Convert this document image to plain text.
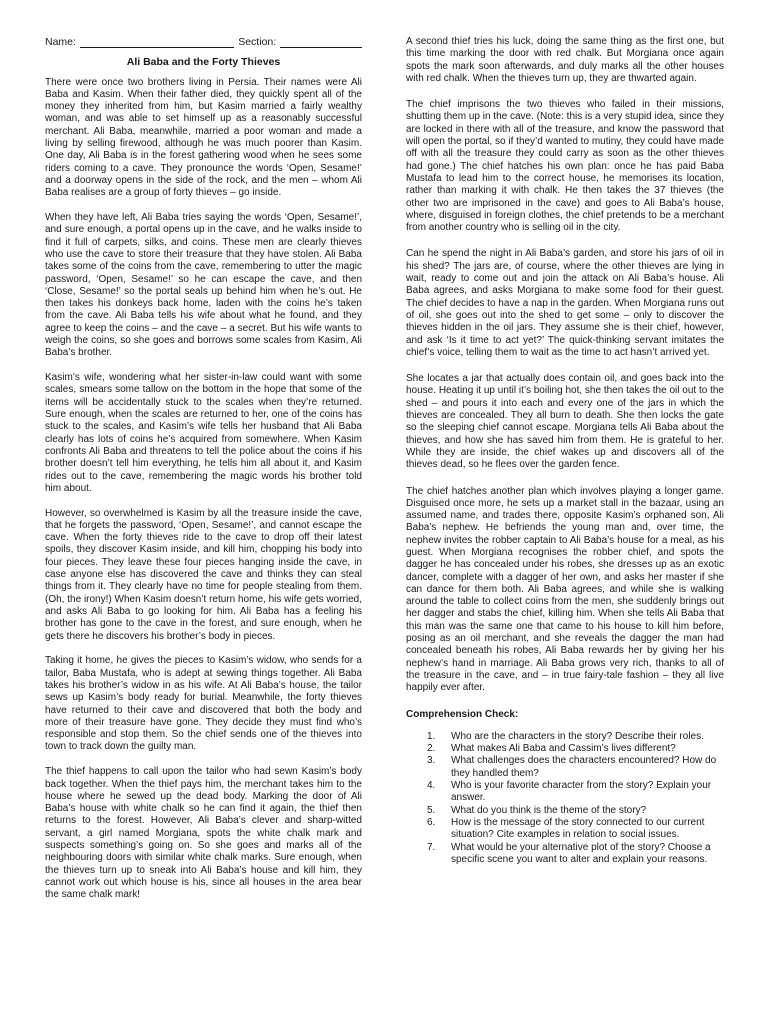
Name:	Section:
Ali Baba and the Forty Thieves

There were once two brothers living in Persia. Their names were Ali Baba and Kasim. When their father died, they quickly spent all of the money they inherited from him, but Kasim married a fairly wealthy woman, and was able to set himself up as a reasonably successful merchant. Ali Baba, meanwhile, married a poor woman and made a living by selling firewood, although he was much poorer than Kasim. One day, Ali Baba is in the forest gathering wood when he sees some riders coming to a cave. They pronounce the words ‘Open, Sesame!’ and a doorway opens in the side of the rock, and the men – whom Ali Baba realises are a group of forty thieves – go inside.

When they have left, Ali Baba tries saying the words ‘Open, Sesame!’, and sure enough, a portal opens up in the cave, and he walks inside to find it full of carpets, silks, and coins. These men are clearly thieves who use the cave to store their treasure that they have stolen. Ali Baba takes some of the coins from the cave, remembering to utter the magic password, ‘Open, Sesame!’ so he can escape the cave, and then ‘Close, Sesame!’ so the portal seals up behind him when he’s out. He then takes his donkeys back home, laden with the coins he’s taken from the cave. Ali Baba tells his wife about what he found, and they agree to keep the coins – and the cave – a secret. But his wife wants to weigh the coins, so she goes and borrows some scales from Kasim, Ali Baba’s brother.

Kasim’s wife, wondering what her sister-in-law could want with some scales, smears some tallow on the bottom in the hope that some of the items will be accidentally stuck to the scales when they’re returned. Sure enough, when the scales are returned to her, one of the coins has stuck to the scales, and Kasim’s wife tells her husband that Ali Baba clearly has lots of coins he’s acquired from somewhere. When Kasim confronts Ali Baba and threatens to tell the police about the coins if his brother doesn’t tell him everything, he tells him all about it, and Kasim rides out to the cave, remembering the magic words his brother told him about.

However, so overwhelmed is Kasim by all the treasure inside the cave, that he forgets the password, ‘Open, Sesame!’, and cannot escape the cave. When the forty thieves ride to the cave to drop off their latest spoils, they discover Kasim inside, and kill him, chopping his body into four pieces. They leave these four pieces hanging inside the cave, in case anyone else has discovered the cave and thinks they can steal things from it. They clearly have no time for people stealing from them. (Oh, the irony!) When Kasim doesn’t return home, his wife gets worried, and asks Ali Baba to go looking for him. Ali Baba has a feeling his brother has gone to the cave in the forest, and sure enough, when he gets there he discovers his brother’s body in pieces.

Taking it home, he gives the pieces to Kasim’s widow, who sends for a tailor, Baba Mustafa, who is adept at sewing things together. Ali Baba takes his brother’s widow in as his wife. At Ali Baba’s house, the tailor sews up Kasim’s body ready for burial. Meanwhile, the forty thieves have returned to their cave and discovered that both the body and more of their treasure have gone. They decide they must find who’s responsible and stop them. So the chief sends one of the thieves into town to track down the guilty man.

The thief happens to call upon the tailor who had sewn Kasim’s body back together. When the thief pays him, the merchant takes him to the house where he sewed up the dead body. Marking the door of Ali Baba’s house with white chalk so he can find it again, the thief then returns to the forest. However, Ali Baba’s clever and sharp-witted servant, a girl named Morgiana, spots the white chalk mark and suspects something’s going on. So she goes and marks all of the neighbouring doors with similar white chalk marks. Sure enough, when the thieves turn up to sneak into Ali Baba’s house and kill him, they cannot work out which house is his, since all houses in the area bear the same chalk mark!

A second thief tries his luck, doing the same thing as the first one, but this time marking the door with red chalk. But Morgiana once again spots the mark soon afterwards, and duly marks all the other houses with red chalk. When the thieves turn up, they are thwarted again.

The chief imprisons the two thieves who failed in their missions, shutting them up in the cave. (Note: this is a very stupid idea, since they are locked in there with all of the treasure, and know the password that will open the portal, so if they’d wanted to mutiny, they could have made off with all the treasure they could carry as soon as the other thieves had gone.) The chief hatches his own plan: once he has paid Baba Mustafa to lead him to the correct house, he memorises its location, rather than marking it with chalk. He then takes the 37 thieves (the other two are imprisoned in the cave) and goes to Ali Baba’s house, where, disguised in foreign clothes, the chief pretends to be a merchant from another country who is selling oil in the city.

Can he spend the night in Ali Baba’s garden, and store his jars of oil in his shed? The jars are, of course, where the other thieves are lying in wait, ready to come out and join the attack on Ali Baba’s house. Ali Baba agrees, and asks Morgiana to make some food for their guest. The chief decides to have a nap in the garden. When Morgiana runs out of oil, she goes out into the shed to get some – only to discover the thieves hidden in the oil jars. They assume she is their chief, however, and ask ‘Is it time to act yet?’ The quick-thinking servant imitates the chief’s voice, telling them to wait as the time to act hasn’t arrived yet.

She locates a jar that actually does contain oil, and goes back into the house. Heating it up until it’s boiling hot, she then takes the oil out to the shed – and pours it into each and every one of the jars in which the thieves are concealed. They all burn to death. She then locks the gate so the sleeping chief cannot escape. Morgiana tells Ali Baba about the thieves, and how she has saved him from them. He is grateful to her. While they are inside, the chief wakes up and discovers all of the thieves dead, so he flees over the garden fence.

The chief hatches another plan which involves playing a longer game. Disguised once more, he sets up a market stall in the bazaar, using an assumed name, and trades there, opposite Kasim’s orphaned son, Ali Baba’s nephew. He befriends the young man and, over time, the nephew invites the robber captain to Ali Baba’s house for a meal, as his guest. When Morgiana recognises the robber chief, and spots the dagger he has concealed under his robes, she dresses up as an exotic dancer, complete with a dagger of her own, and asks her master if she can dance for them both. Ali Baba agrees, and while she is walking around the table to collect coins from the men, she suddenly brings out her dagger and stabs the chief, killing him. When she tells Ali Baba that this man was the same one that came to his house to kill him before, posing as an oil merchant, and she reveals the dagger the man had concealed beneath his robes, Ali Baba rewards her by giving her his nephew’s hand in marriage. Ali Baba grows very rich, thanks to all of the treasure in the cave, and – in true fairy-tale fashion – they all live happily ever after.

Comprehension Check:
1.	Who are the characters in the story? Describe their roles.
2.	What makes Ali Baba and Cassim’s lives different?
3.	What challenges does the characters encountered? How do they handled them?
4.	Who is your favorite character from the story? Explain your answer.
5.	What do you think is the theme of the story?
6.	How is the message of the story connected to our current situation? Cite examples in relation to social issues.
7.	What would be your alternative plot of the story? Choose a specific scene you want to alter and explain your reasons.
